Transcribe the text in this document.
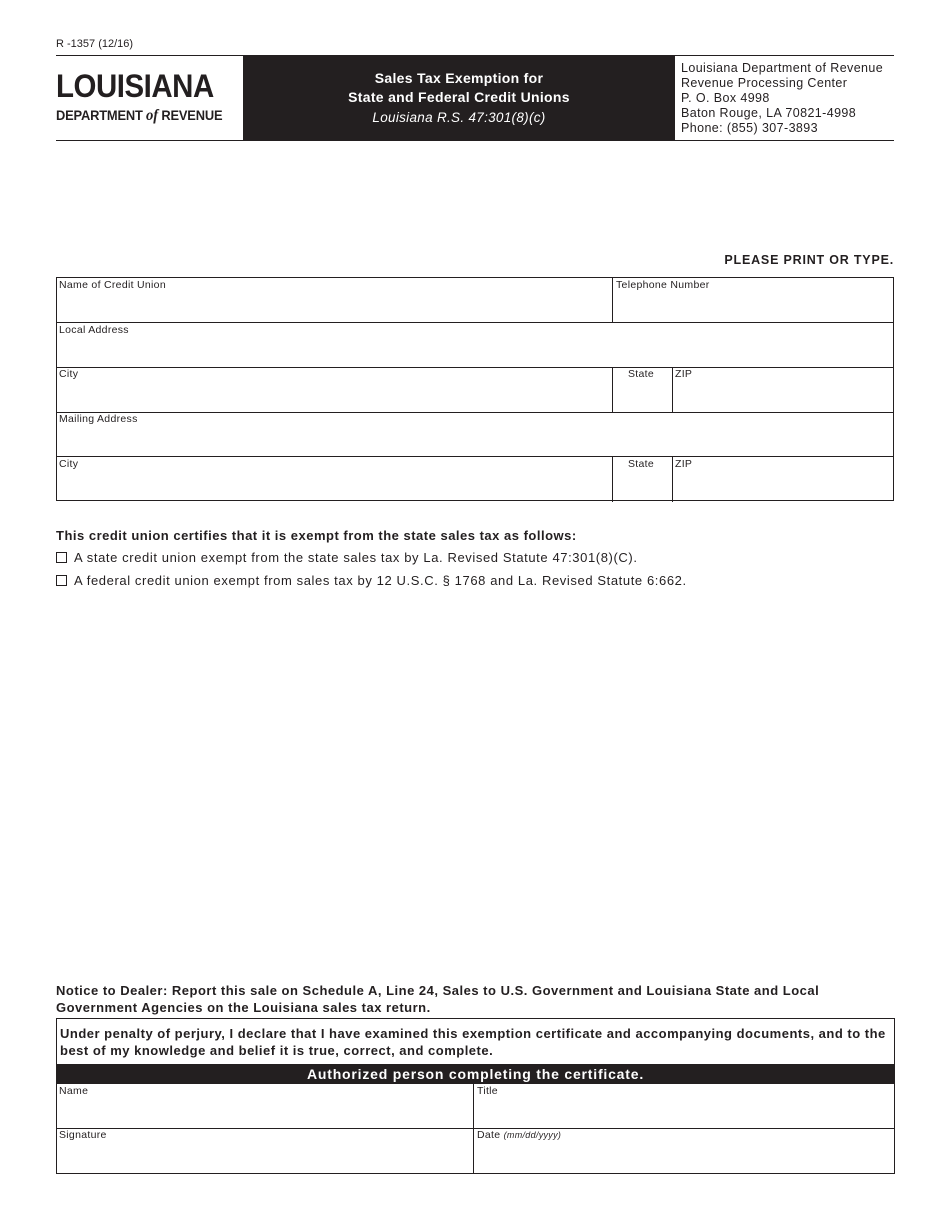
R -1357 (12/16)
LOUISIANA
DEPARTMENT of REVENUE
Sales Tax Exemption for
State and Federal Credit Unions
Louisiana R.S. 47:301(8)(c)
Louisiana Department of Revenue
Revenue Processing Center
P. O. Box 4998
Baton Rouge, LA 70821-4998
Phone: (855) 307-3893
PLEASE PRINT OR TYPE.
Name of Credit Union	Telephone Number
Local Address
City	State	ZIP
Mailing Address
City	State	ZIP
This credit union certifies that it is exempt from the state sales tax as follows:
A state credit union exempt from the state sales tax by La. Revised Statute 47:301(8)(C).
A federal credit union exempt from sales tax by 12 U.S.C. § 1768 and La. Revised Statute 6:662.
Notice to Dealer: Report this sale on Schedule A, Line 24, Sales to U.S. Government and Louisiana State and Local Government Agencies on the Louisiana sales tax return.
Under penalty of perjury, I declare that I have examined this exemption certificate and accompanying documents, and to the best of my knowledge and belief it is true, correct, and complete.
Authorized person completing the certificate.
Name	Title
Signature	Date (mm/dd/yyyy)
